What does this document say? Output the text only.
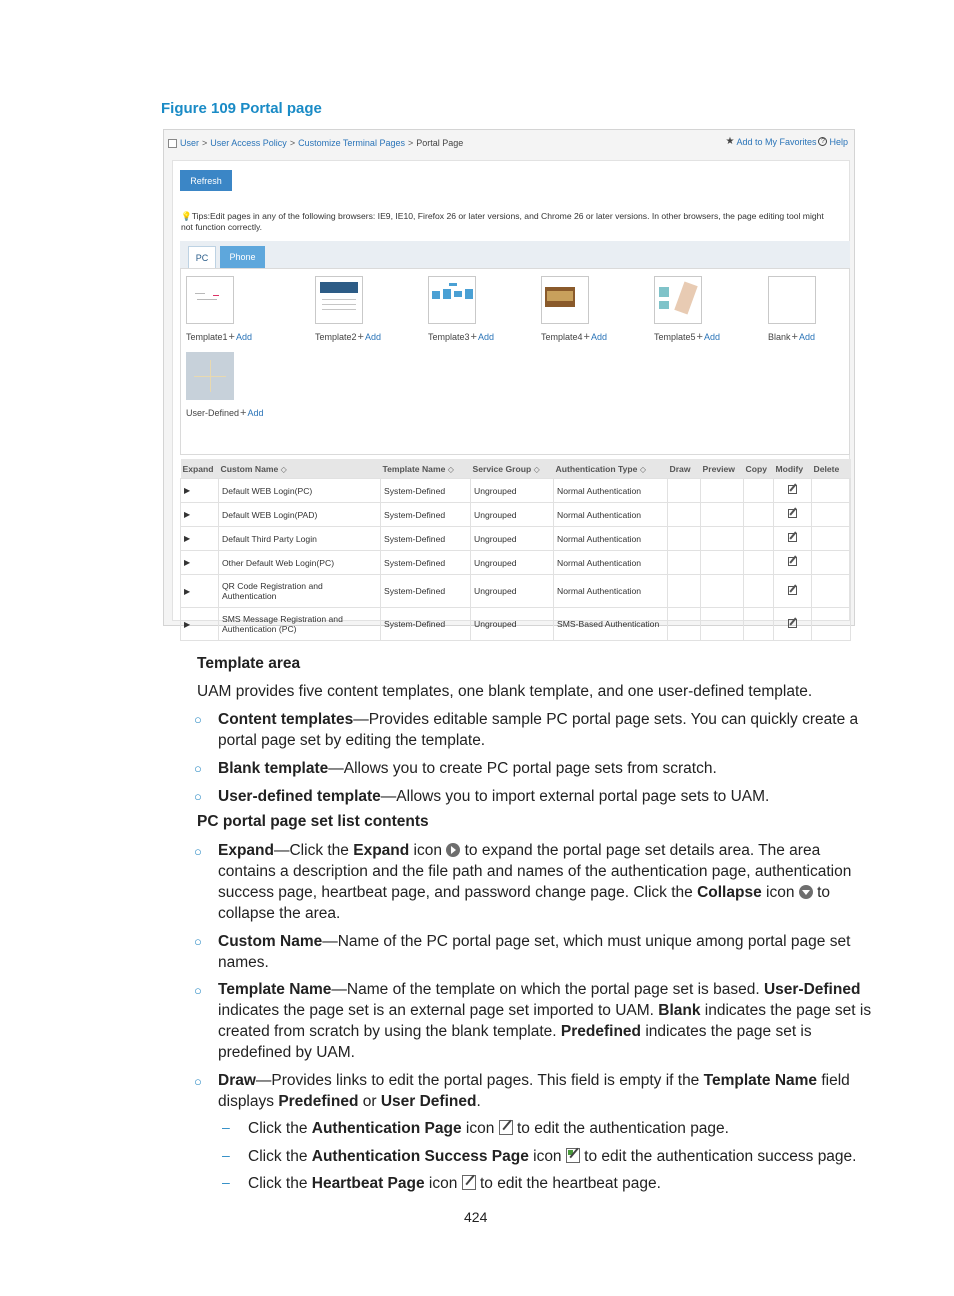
Figure 109 Portal page
User > User Access Policy > Customize Terminal Pages > Portal Page	★ Add to My Favorites ? Help
Refresh
💡Tips:Edit pages in any of the following browsers: IE9, IE10, Firefox 26 or later versions, and Chrome 26 or later versions. In other browsers, the page editing tool might not function correctly.
PC	Phone
Template1 + Add	Template2 + Add	Template3 + Add	Template4 + Add	Template5 + Add	Blank + Add
User-Defined + Add
Expand	Custom Name ◇	Template Name ◇	Service Group ◇	Authentication Type ◇	Draw	Preview	Copy	Modify	Delete
▶	Default WEB Login(PC)	System-Defined	Ungrouped	Normal Authentication					
▶	Default WEB Login(PAD)	System-Defined	Ungrouped	Normal Authentication					
▶	Default Third Party Login	System-Defined	Ungrouped	Normal Authentication					
▶	Other Default Web Login(PC)	System-Defined	Ungrouped	Normal Authentication					
▶	QR Code Registration and Authentication	System-Defined	Ungrouped	Normal Authentication					
▶	SMS Message Registration and Authentication (PC)	System-Defined	Ungrouped	SMS-Based Authentication					
Template area
UAM provides five content templates, one blank template, and one user-defined template.
○ Content templates—Provides editable sample PC portal page sets. You can quickly create a portal page set by editing the template.
○ Blank template—Allows you to create PC portal page sets from scratch.
○ User-defined template—Allows you to import external portal page sets to UAM.
PC portal page set list contents
○ Expand—Click the Expand icon  to expand the portal page set details area. The area contains a description and the file path and names of the authentication page, authentication success page, heartbeat page, and password change page. Click the Collapse icon  to collapse the area.
○ Custom Name—Name of the PC portal page set, which must unique among portal page set names.
○ Template Name—Name of the template on which the portal page set is based. User-Defined indicates the page set is an external page set imported to UAM. Blank indicates the page set is created from scratch by using the blank template. Predefined indicates the page set is predefined by UAM.
○ Draw—Provides links to edit the portal pages. This field is empty if the Template Name field displays Predefined or User Defined.
– Click the Authentication Page icon  to edit the authentication page.
– Click the Authentication Success Page icon  to edit the authentication success page.
– Click the Heartbeat Page icon  to edit the heartbeat page.
424
